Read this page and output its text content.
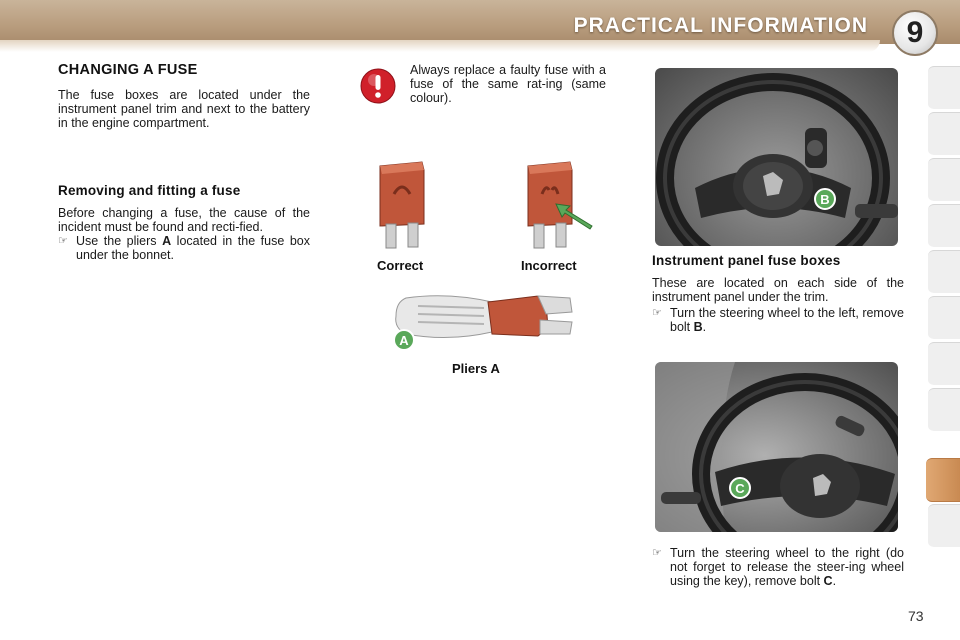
PRACTICAL INFORMATION	9
CHANGING A FUSE

The fuse boxes are located under the instrument panel trim and next to the battery in the engine compartment.

Removing and fitting a fuse

Before changing a fuse, the cause of the incident must be found and recti-fied.

☞ Use the pliers A located in the fuse box under the bonnet.
Always replace a faulty fuse with a fuse of the same rat-ing (same colour).
Correct	Incorrect
A
Pliers A
B
Instrument panel fuse boxes

These are located on each side of the instrument panel under the trim.

☞ Turn the steering wheel to the left, remove bolt B.
C
☞ Turn the steering wheel to the right (do not forget to release the steer-ing wheel using the key), remove bolt C.
73
